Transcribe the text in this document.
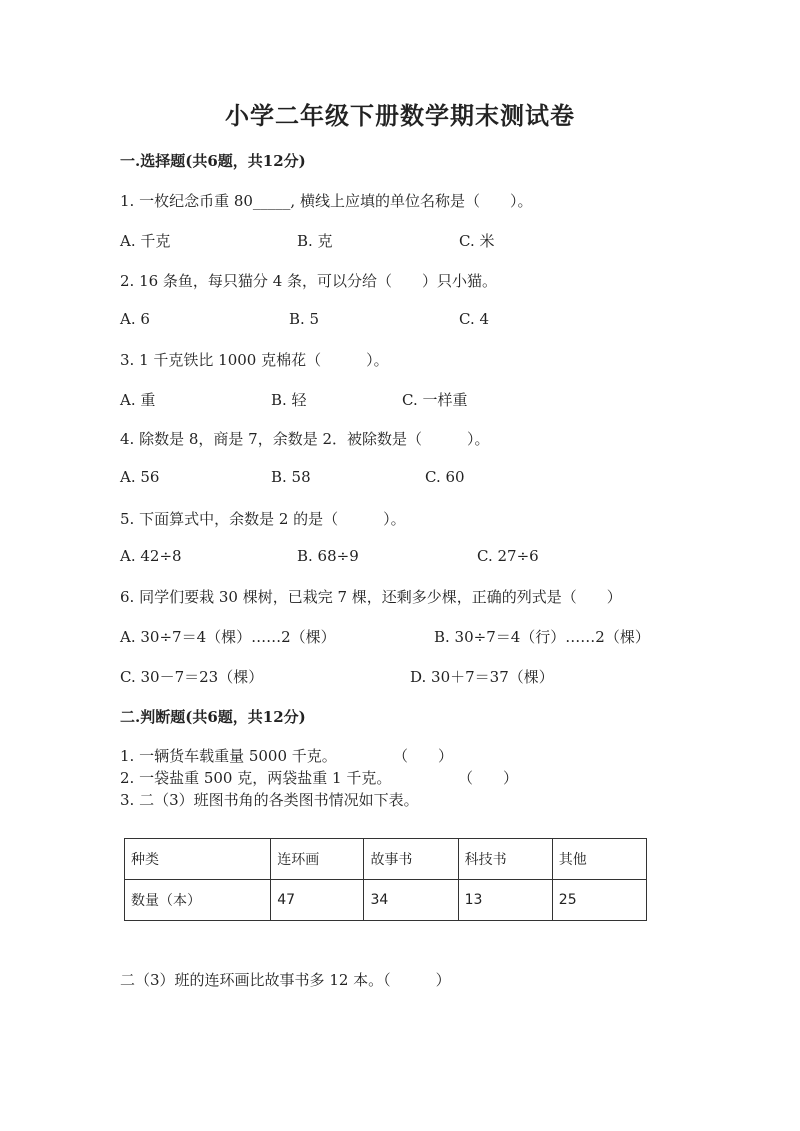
小学二年级下册数学期末测试卷
一.选择题(共6题，共12分)
1. 一枚纪念币重 80_____, 横线上应填的单位名称是（　　）。
A. 千克	B. 克	C. 米
2. 16 条鱼，每只猫分 4 条，可以分给（　　）只小猫。
A. 6	B. 5	C. 4
3. 1 千克铁比 1000 克棉花（　　　）。
A. 重	B. 轻	C. 一样重
4. 除数是 8，商是 7，余数是 2．被除数是（　　　）。
A. 56	B. 58	C. 60
5. 下面算式中，余数是 2 的是（　　　）。
A. 42÷8	B. 68÷9	C. 27÷6
6. 同学们要栽 30 棵树，已栽完 7 棵，还剩多少棵，正确的列式是（　　）
A. 30÷7＝4（棵）……2（棵）	B. 30÷7＝4（行）……2（棵）
C. 30－7＝23（棵）	D. 30＋7＝37（棵）
二.判断题(共6题，共12分)
1. 一辆货车载重量 5000 千克。	（　　）
2. 一袋盐重 500 克，两袋盐重 1 千克。	（　　）
3. 二（3）班图书角的各类图书情况如下表。
种类	连环画	故事书	科技书	其他
数量（本）	47	34	13	25
二（3）班的连环画比故事书多 12 本。（　　　）
